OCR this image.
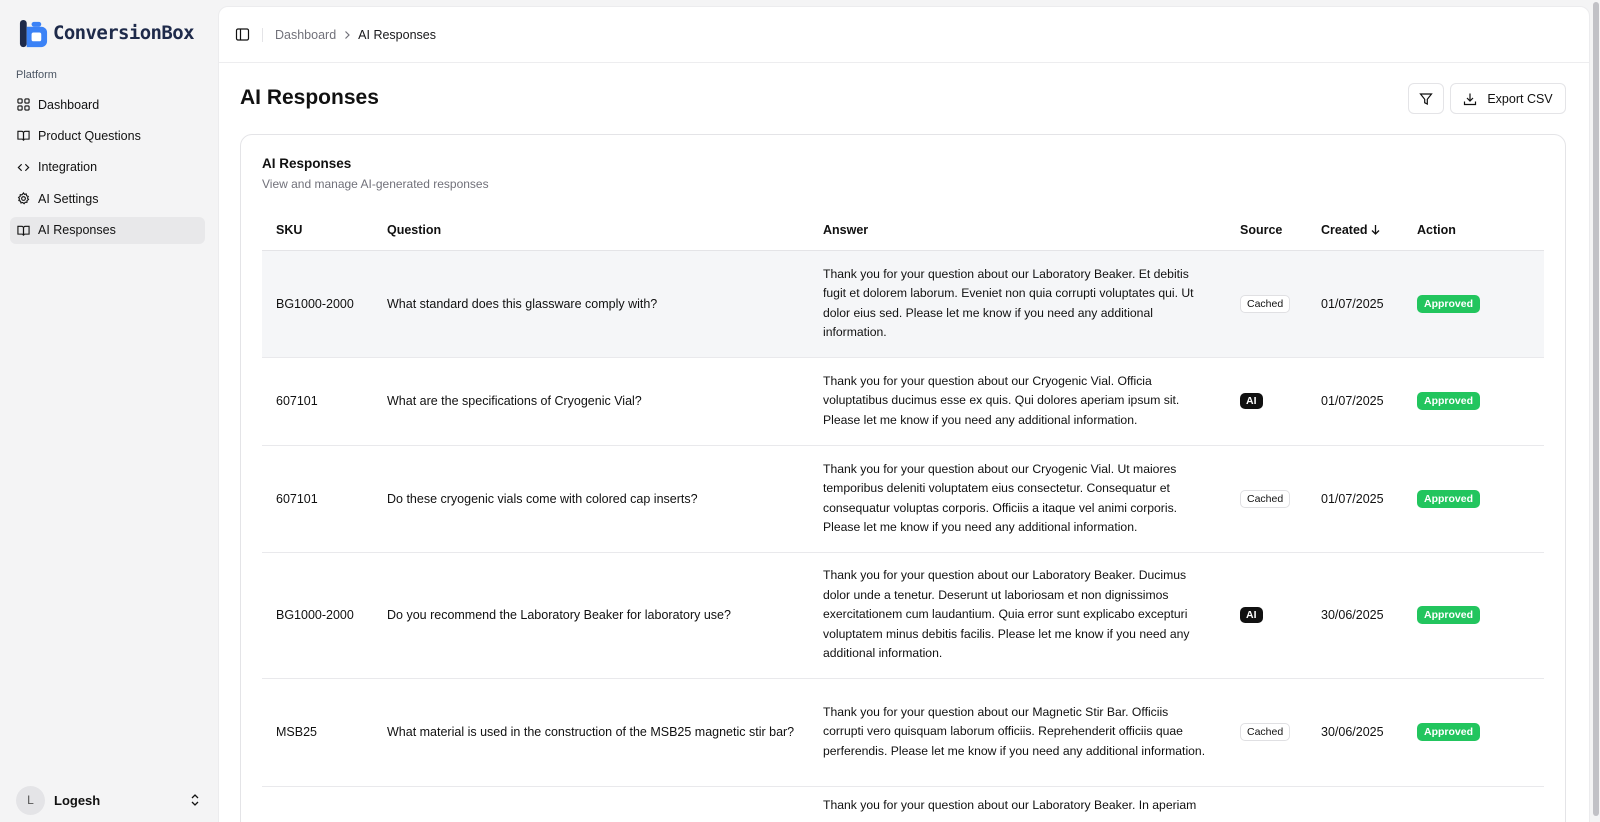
ConversionBox
Platform
Dashboard
Product Questions
Integration
AI Settings
AI Responses
L	Logesh
Dashboard AI Responses
AI Responses	Export CSV
AI Responses
View and manage AI-generated responses
SKU	Question	Answer	Source	Created	Action
BG1000-2000	What standard does this glassware comply with?	Thank you for your question about our Laboratory Beaker. Et debitis fugit et dolorem laborum. Eveniet non quia corrupti voluptates qui. Ut dolor eius sed. Please let me know if you need any additional information.	Cached	01/07/2025	Approved
607101	What are the specifications of Cryogenic Vial?	Thank you for your question about our Cryogenic Vial. Officia voluptatibus ducimus esse ex quis. Qui dolores aperiam ipsum sit. Please let me know if you need any additional information.	AI	01/07/2025	Approved
607101	Do these cryogenic vials come with colored cap inserts?	Thank you for your question about our Cryogenic Vial. Ut maiores temporibus deleniti voluptatem eius consectetur. Consequatur et consequatur voluptas corporis. Officiis a itaque vel animi corporis. Please let me know if you need any additional information.	Cached	01/07/2025	Approved
BG1000-2000	Do you recommend the Laboratory Beaker for laboratory use?	Thank you for your question about our Laboratory Beaker. Ducimus dolor unde a tenetur. Deserunt ut laboriosam et non dignissimos exercitationem cum laudantium. Quia error sunt explicabo excepturi voluptatem minus debitis facilis. Please let me know if you need any additional information.	AI	30/06/2025	Approved
MSB25	What material is used in the construction of the MSB25 magnetic stir bar?	Thank you for your question about our Magnetic Stir Bar. Officiis corrupti vero quisquam laborum officiis. Reprehenderit officiis quae perferendis. Please let me know if you need any additional information.	Cached	30/06/2025	Approved
		Thank you for your question about our Laboratory Beaker. In aperiam			
